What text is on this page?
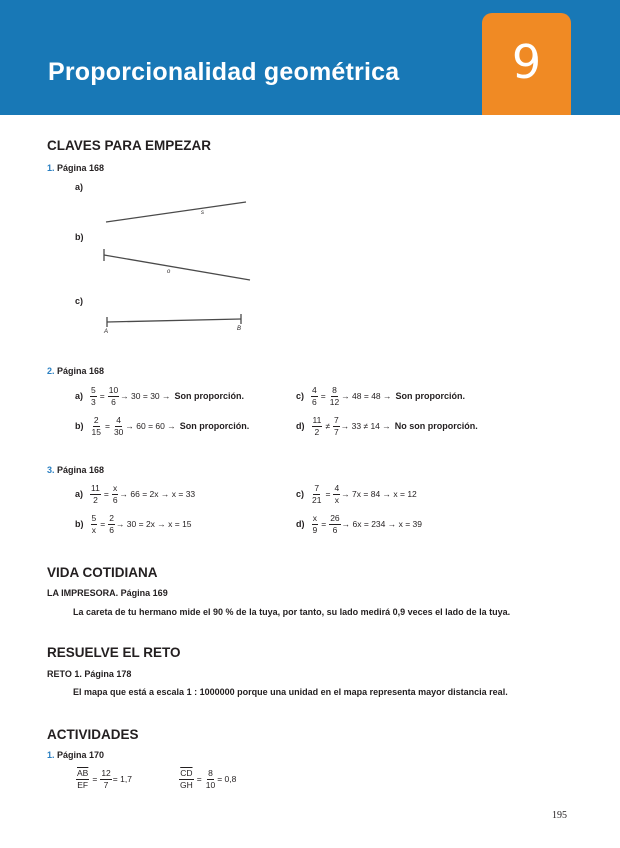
Proporcionalidad geométrica	9
CLAVES PARA EMPEZAR
1. Página 168
a)
b)
c)
s
o
A	B
2. Página 168
$a) \frac{5}{3} = \frac{10}{6} \to 30 = 30$ → Son proporción.
$b) \frac{2}{15} = \frac{4}{30} \to 60 = 60$ → Son proporción.
$c) \frac{4}{6} = \frac{8}{12} \to 48 = 48$ → Son proporción.
$d) \frac{11}{2} \ne \frac{7}{7} \to 33 \ne 14 \to No$ son proporción.
3. Página 168
$a) \frac{11}{2} = \frac{x}{6} \to 66 = 2x \to x = 33$
$b) \frac{5}{x} = \frac{2}{6} \to 30 = 2x \to x = 15$
$c) \frac{7}{21} = \frac{4}{x} \to 7x = 84 \to x = 12$
$d) \frac{x}{9} = \frac{26}{6} \to 6x = 234 \to x = 39$
VIDA COTIDIANA
LA IMPRESORA. Página 169
La careta de tu hermano mide el 90 % de la tuya, por tanto, su lado medirá 0,9 veces el lado de la tuya.
RESUELVE EL RETO
RETO 1. Página 178
El mapa que está a escala 1 : 1000000 porque una unidad en el mapa representa mayor distancia real.
ACTIVIDADES
1. Página 170
$\frac{\overline{AB}}{EF} = \frac{12}{7} = 1,7$	$\frac{\overline{CD}}{GH} = \frac{8}{10} = 0,8$
195
